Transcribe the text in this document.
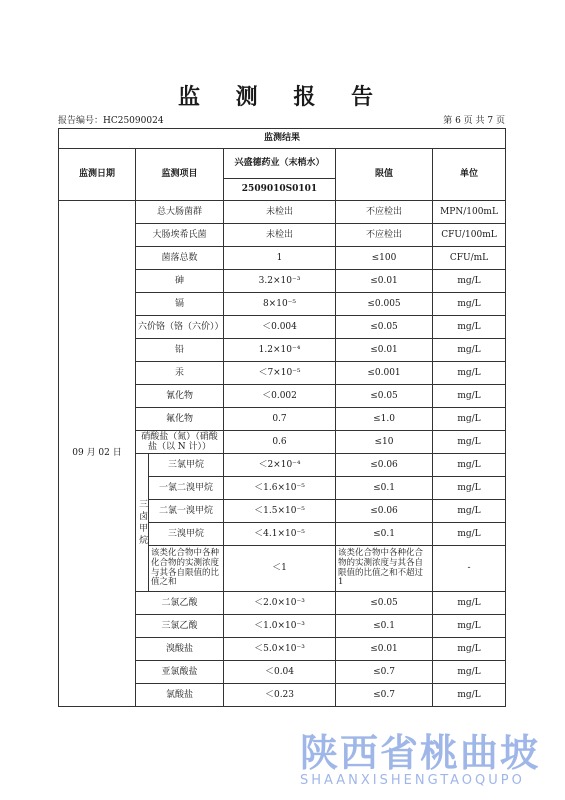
监 测 报 告
报告编号：HC25090024	第 6 页 共 7 页
监测结果					
监测日期	监测项目		兴盛德药业（末梢水）	限值	单位
			2509010S0101		
09 月 02 日	总大肠菌群		未检出	不应检出	MPN/100mL
	大肠埃希氏菌		未检出	不应检出	CFU/100mL
	菌落总数		1	≤100	CFU/mL
	砷		3.2×10⁻³	≤0.01	mg/L
	镉		8×10⁻⁵	≤0.005	mg/L
	六价铬（铬（六价））		＜0.004	≤0.05	mg/L
	铅		1.2×10⁻⁴	≤0.01	mg/L
	汞		＜7×10⁻⁵	≤0.001	mg/L
	氰化物		＜0.002	≤0.05	mg/L
	氟化物		0.7	≤1.0	mg/L
	硝酸盐（氮）（硝酸盐（以 N 计））		0.6	≤10	mg/L
	三卤甲烷	三氯甲烷	＜2×10⁻⁴	≤0.06	mg/L
		一氯二溴甲烷	＜1.6×10⁻⁵	≤0.1	mg/L
		二氯一溴甲烷	＜1.5×10⁻⁵	≤0.06	mg/L
		三溴甲烷	＜4.1×10⁻⁵	≤0.1	mg/L
		该类化合物中各种化合物的实测浓度与其各自限值的比值之和	＜1	该类化合物中各种化合物的实测浓度与其各自限值的比值之和不超过 1	-
	二氯乙酸		＜2.0×10⁻³	≤0.05	mg/L
	三氯乙酸		＜1.0×10⁻³	≤0.1	mg/L
	溴酸盐		＜5.0×10⁻³	≤0.01	mg/L
	亚氯酸盐		＜0.04	≤0.7	mg/L
	氯酸盐		＜0.23	≤0.7	mg/L
陕西省桃曲坡
SHAANXISHENGTAOQUPO
